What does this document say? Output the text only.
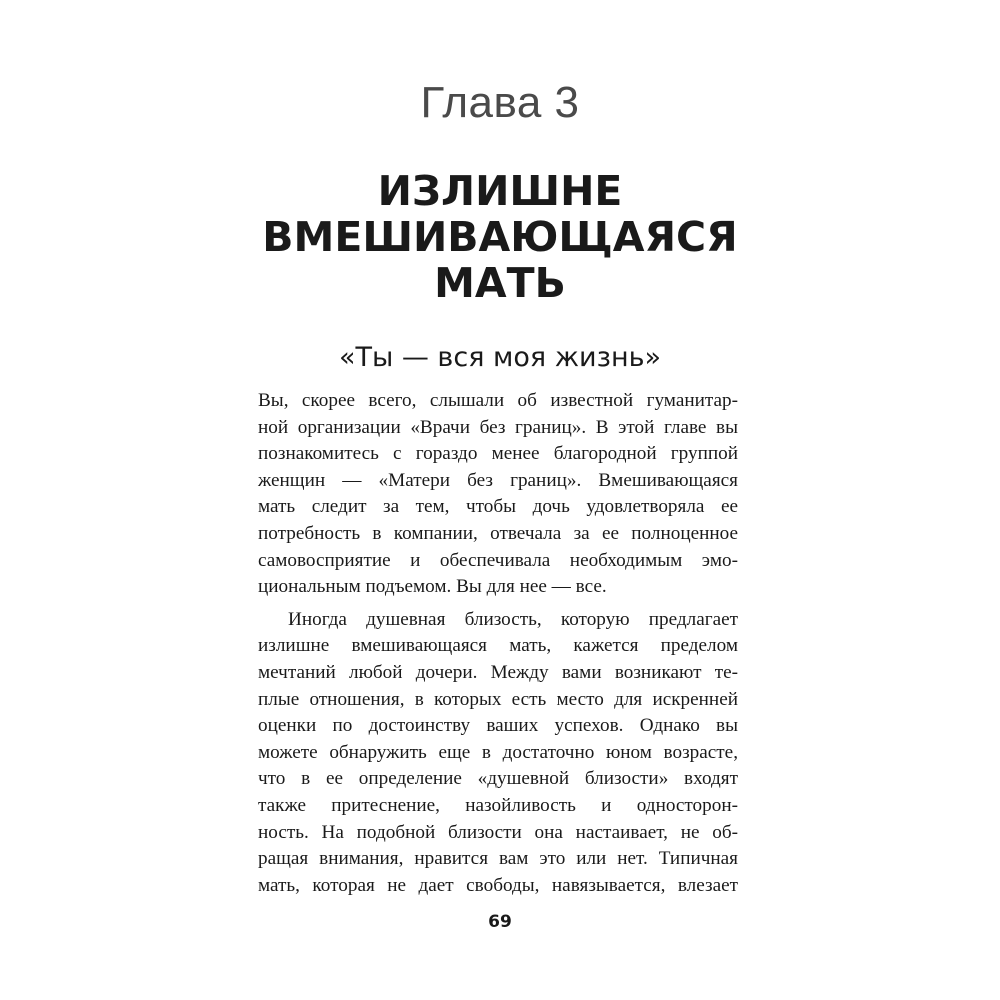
Глава 3
ИЗЛИШНЕ
ВМЕШИВАЮЩАЯСЯ
МАТЬ
«Ты — вся моя жизнь»
Вы, скорее всего, слышали об известной гуманитар-
ной организации «Врачи без границ». В этой главе вы
познакомитесь с гораздо менее благородной группой
женщин — «Матери без границ». Вмешивающаяся
мать следит за тем, чтобы дочь удовлетворяла ее
потребность в компании, отвечала за ее полноценное
самовосприятие и обеспечивала необходимым эмо-
циональным подъемом. Вы для нее — все.
Иногда душевная близость, которую предлагает
излишне вмешивающаяся мать, кажется пределом
мечтаний любой дочери. Между вами возникают те-
плые отношения, в которых есть место для искренней
оценки по достоинству ваших успехов. Однако вы
можете обнаружить еще в достаточно юном возрасте,
что в ее определение «душевной близости» входят
также притеснение, назойливость и односторон-
ность. На подобной близости она настаивает, не об-
ращая внимания, нравится вам это или нет. Типичная
мать, которая не дает свободы, навязывается, влезает
69
